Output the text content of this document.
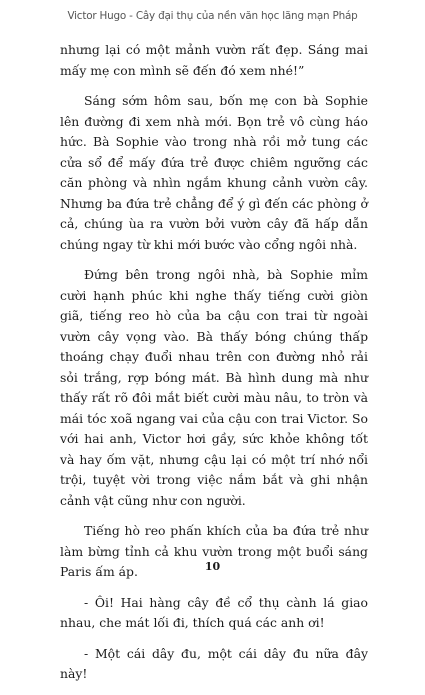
Victor Hugo - Cây đại thụ của nền văn học lãng mạn Pháp

nhưng lại có một mảnh vườn rất đẹp. Sáng mai mấy mẹ con mình sẽ đến đó xem nhé!”

Sáng sớm hôm sau, bốn mẹ con bà Sophie lên đường đi xem nhà mới. Bọn trẻ vô cùng háo hức. Bà Sophie vào trong nhà rồi mở tung các cửa sổ để mấy đứa trẻ được chiêm ngưỡng các căn phòng và nhìn ngắm khung cảnh vườn cây. Nhưng ba đứa trẻ chẳng để ý gì đến các phòng ở cả, chúng ùa ra vườn bởi vườn cây đã hấp dẫn chúng ngay từ khi mới bước vào cổng ngôi nhà.

Đứng bên trong ngôi nhà, bà Sophie mỉm cười hạnh phúc khi nghe thấy tiếng cười giòn giã, tiếng reo hò của ba cậu con trai từ ngoài vườn cây vọng vào. Bà thấy bóng chúng thấp thoáng chạy đuổi nhau trên con đường nhỏ rải sỏi trắng, rợp bóng mát. Bà hình dung mà như thấy rất rõ đôi mắt biết cười màu nâu, to tròn và mái tóc xoã ngang vai của cậu con trai Victor. So với hai anh, Victor hơi gầy, sức khỏe không tốt và hay ốm vặt, nhưng cậu lại có một trí nhớ nổi trội, tuyệt vời trong việc nắm bắt và ghi nhận cảnh vật cũng như con người.

Tiếng hò reo phấn khích của ba đứa trẻ như làm bừng tỉnh cả khu vườn trong một buổi sáng Paris ấm áp.

- Ôi! Hai hàng cây đề cổ thụ cành lá giao nhau, che mát lối đi, thích quá các anh ơi!

- Một cái dây đu, một cái dây đu nữa đây này!

10
